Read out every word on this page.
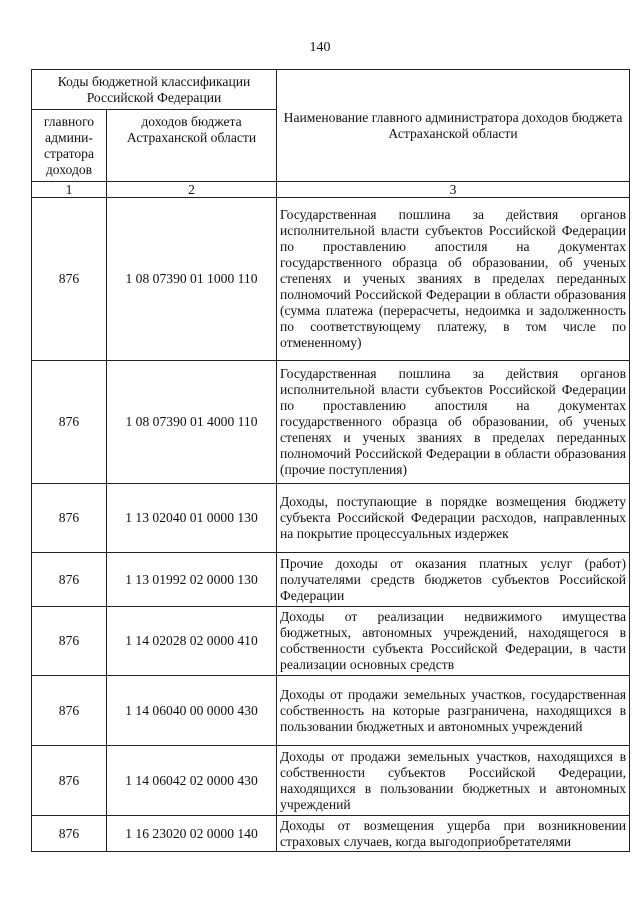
140
Коды бюджетной классификации Российской Федерации		Наименование главного администратора доходов бюджета Астраханской области
главного админи-стратора доходов	доходов бюджета Астраханской области	
1	2	3
876	1 08 07390 01 1000 110	Государственная пошлина за действия органов исполнительной власти субъектов Российской Федерации по проставлению апостиля на документах государственного образца об образовании, об ученых степенях и ученых званиях в пределах переданных полномочий Российской Федерации в области образования (сумма платежа (перерасчеты, недоимка и задолженность по соответствующему платежу, в том числе по отмененному)
876	1 08 07390 01 4000 110	Государственная пошлина за действия органов исполнительной власти субъектов Российской Федерации по проставлению апостиля на документах государственного образца об образовании, об ученых степенях и ученых званиях в пределах переданных полномочий Российской Федерации в области образования (прочие поступления)
876	1 13 02040 01 0000 130	Доходы, поступающие в порядке возмещения бюджету субъекта Российской Федерации расходов, направленных на покрытие процессуальных издержек
876	1 13 01992 02 0000 130	Прочие доходы от оказания платных услуг (работ) получателями средств бюджетов субъектов Российской Федерации
876	1 14 02028 02 0000 410	Доходы от реализации недвижимого имущества бюджетных, автономных учреждений, находящегося в собственности субъекта Российской Федерации, в части реализации основных средств
876	1 14 06040 00 0000 430	Доходы от продажи земельных участков, государственная собственность на которые разграничена, находящихся в пользовании бюджетных и автономных учреждений
876	1 14 06042 02 0000 430	Доходы от продажи земельных участков, находящихся в собственности субъектов Российской Федерации, находящихся в пользовании бюджетных и автономных учреждений
876	1 16 23020 02 0000 140	Доходы от возмещения ущерба при возникновении страховых случаев, когда выгодоприобретателями
